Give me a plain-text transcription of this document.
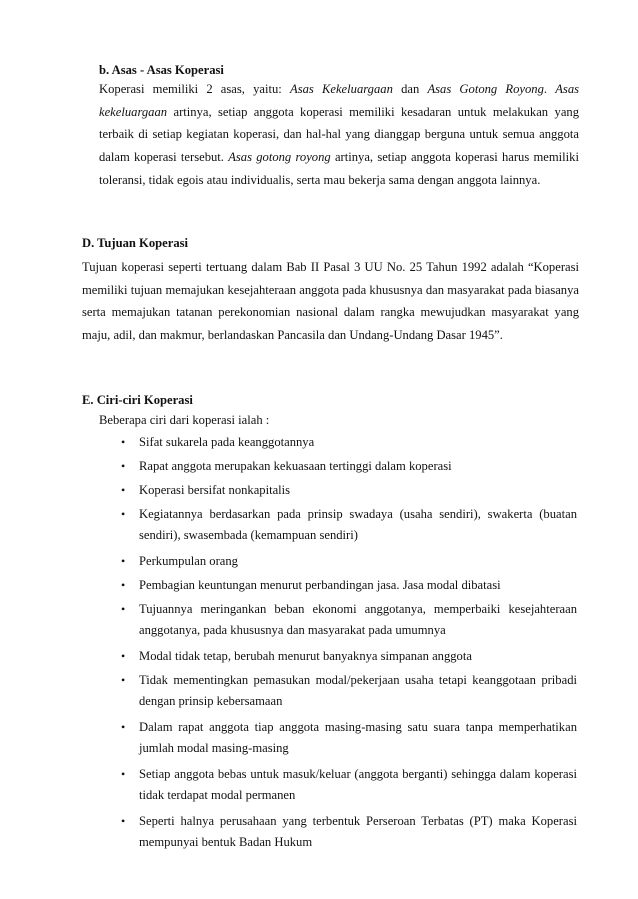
b. Asas - Asas Koperasi
Koperasi memiliki 2 asas, yaitu: Asas Kekeluargaan dan Asas Gotong Royong. Asas kekeluargaan artinya, setiap anggota koperasi memiliki kesadaran untuk melakukan yang terbaik di setiap kegiatan koperasi, dan hal-hal yang dianggap berguna untuk semua anggota dalam koperasi tersebut. Asas gotong royong artinya, setiap anggota koperasi harus memiliki toleransi, tidak egois atau individualis, serta mau bekerja sama dengan anggota lainnya.
D. Tujuan Koperasi
Tujuan koperasi seperti tertuang dalam Bab II Pasal 3 UU No. 25 Tahun 1992 adalah “Koperasi memiliki tujuan memajukan kesejahteraan anggota pada khususnya dan masyarakat pada biasanya serta memajukan tatanan perekonomian nasional dalam rangka mewujudkan masyarakat yang maju, adil, dan makmur, berlandaskan Pancasila dan Undang-Undang Dasar 1945”.
E. Ciri-ciri Koperasi
Beberapa ciri dari koperasi ialah :
• Sifat sukarela pada keanggotannya
• Rapat anggota merupakan kekuasaan tertinggi dalam koperasi
• Koperasi bersifat nonkapitalis
• Kegiatannya berdasarkan pada prinsip swadaya (usaha sendiri), swakerta (buatan sendiri), swasembada (kemampuan sendiri)
• Perkumpulan orang
• Pembagian keuntungan menurut perbandingan jasa. Jasa modal dibatasi
• Tujuannya meringankan beban ekonomi anggotanya, memperbaiki kesejahteraan anggotanya, pada khususnya dan masyarakat pada umumnya
• Modal tidak tetap, berubah menurut banyaknya simpanan anggota
• Tidak mementingkan pemasukan modal/pekerjaan usaha tetapi keanggotaan pribadi dengan prinsip kebersamaan
• Dalam rapat anggota tiap anggota masing-masing satu suara tanpa memperhatikan jumlah modal masing-masing
• Setiap anggota bebas untuk masuk/keluar (anggota berganti) sehingga dalam koperasi tidak terdapat modal permanen
• Seperti halnya perusahaan yang terbentuk Perseroan Terbatas (PT) maka Koperasi mempunyai bentuk Badan Hukum
